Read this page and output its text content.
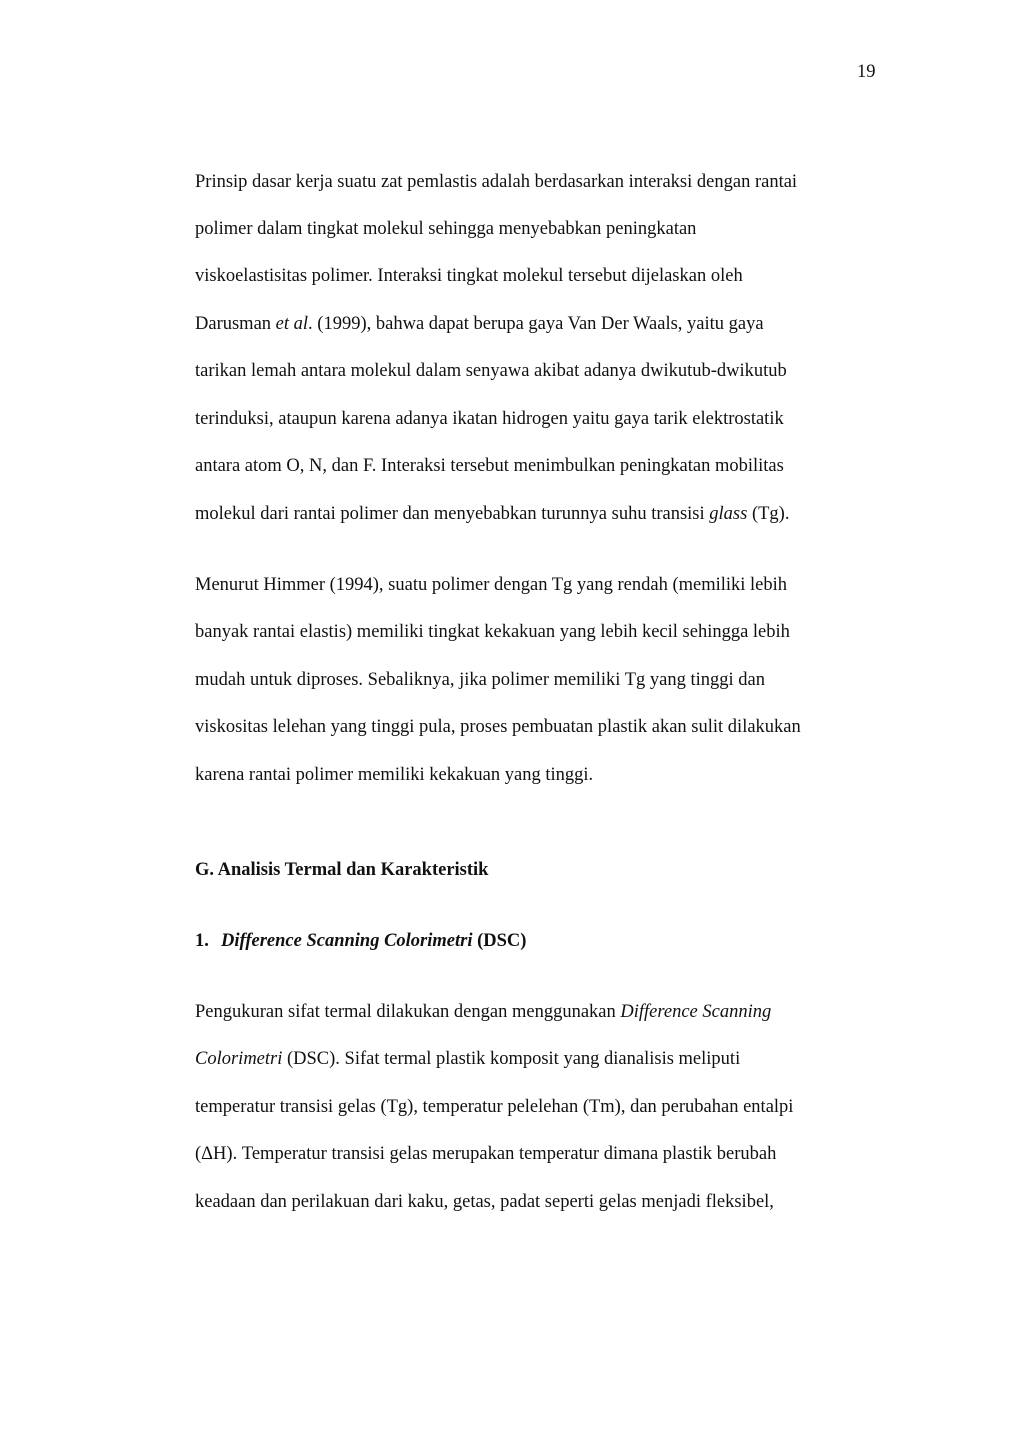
19
Prinsip dasar kerja suatu zat pemlastis adalah berdasarkan interaksi dengan rantai
polimer dalam tingkat molekul sehingga menyebabkan peningkatan
viskoelastisitas polimer. Interaksi tingkat molekul tersebut dijelaskan oleh
Darusman et al. (1999), bahwa dapat berupa gaya Van Der Waals, yaitu gaya
tarikan lemah antara molekul dalam senyawa akibat adanya dwikutub-dwikutub
terinduksi, ataupun karena adanya ikatan hidrogen yaitu gaya tarik elektrostatik
antara atom O, N, dan F. Interaksi tersebut menimbulkan peningkatan mobilitas
molekul dari rantai polimer dan menyebabkan turunnya suhu transisi glass (Tg).
Menurut Himmer (1994), suatu polimer dengan Tg yang rendah (memiliki lebih
banyak rantai elastis) memiliki tingkat kekakuan yang lebih kecil sehingga lebih
mudah untuk diproses. Sebaliknya, jika polimer memiliki Tg yang tinggi dan
viskositas lelehan yang tinggi pula, proses pembuatan plastik akan sulit dilakukan
karena rantai polimer memiliki kekakuan yang tinggi.
G. Analisis Termal dan Karakteristik
1. Difference Scanning Colorimetri (DSC)
Pengukuran sifat termal dilakukan dengan menggunakan Difference Scanning
Colorimetri (DSC). Sifat termal plastik komposit yang dianalisis meliputi
temperatur transisi gelas (Tg), temperatur pelelehan (Tm), dan perubahan entalpi
(ΔH). Temperatur transisi gelas merupakan temperatur dimana plastik berubah
keadaan dan perilakuan dari kaku, getas, padat seperti gelas menjadi fleksibel,
